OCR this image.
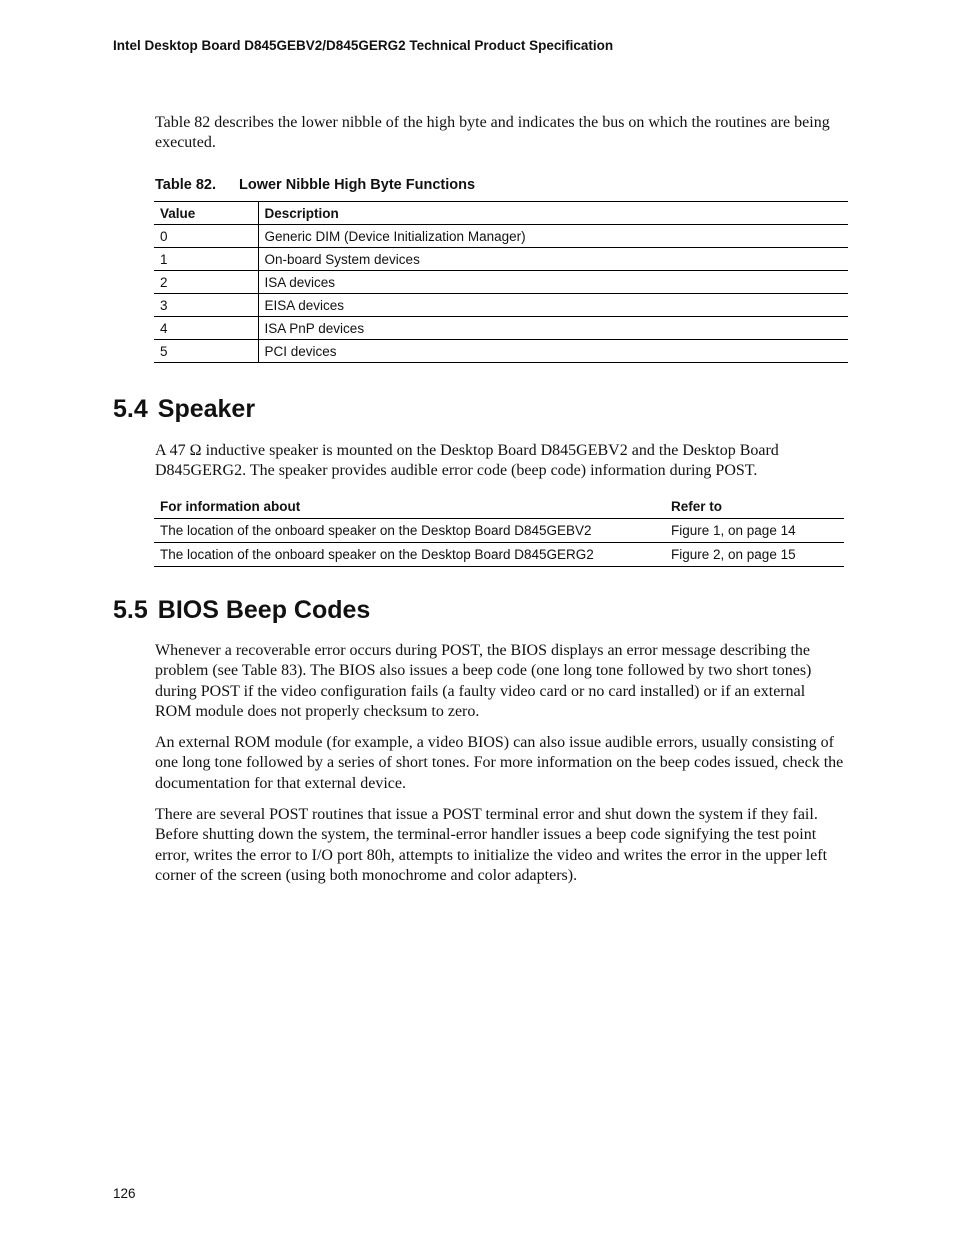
Intel Desktop Board D845GEBV2/D845GERG2 Technical Product Specification

Table 82 describes the lower nibble of the high byte and indicates the bus on which the routines are being executed.

Table 82. Lower Nibble High Byte Functions
Value	Description
0	Generic DIM (Device Initialization Manager)
1	On-board System devices
2	ISA devices
3	EISA devices
4	ISA PnP devices
5	PCI devices
5.4 Speaker

A 47 Ω inductive speaker is mounted on the Desktop Board D845GEBV2 and the Desktop Board D845GERG2. The speaker provides audible error code (beep code) information during POST.

For information about	Refer to
The location of the onboard speaker on the Desktop Board D845GEBV2	Figure 1, on page 14
The location of the onboard speaker on the Desktop Board D845GERG2	Figure 2, on page 15
5.5 BIOS Beep Codes

Whenever a recoverable error occurs during POST, the BIOS displays an error message describing the problem (see Table 83). The BIOS also issues a beep code (one long tone followed by two short tones) during POST if the video configuration fails (a faulty video card or no card installed) or if an external ROM module does not properly checksum to zero.

An external ROM module (for example, a video BIOS) can also issue audible errors, usually consisting of one long tone followed by a series of short tones. For more information on the beep codes issued, check the documentation for that external device.

There are several POST routines that issue a POST terminal error and shut down the system if they fail. Before shutting down the system, the terminal-error handler issues a beep code signifying the test point error, writes the error to I/O port 80h, attempts to initialize the video and writes the error in the upper left corner of the screen (using both monochrome and color adapters).

126
